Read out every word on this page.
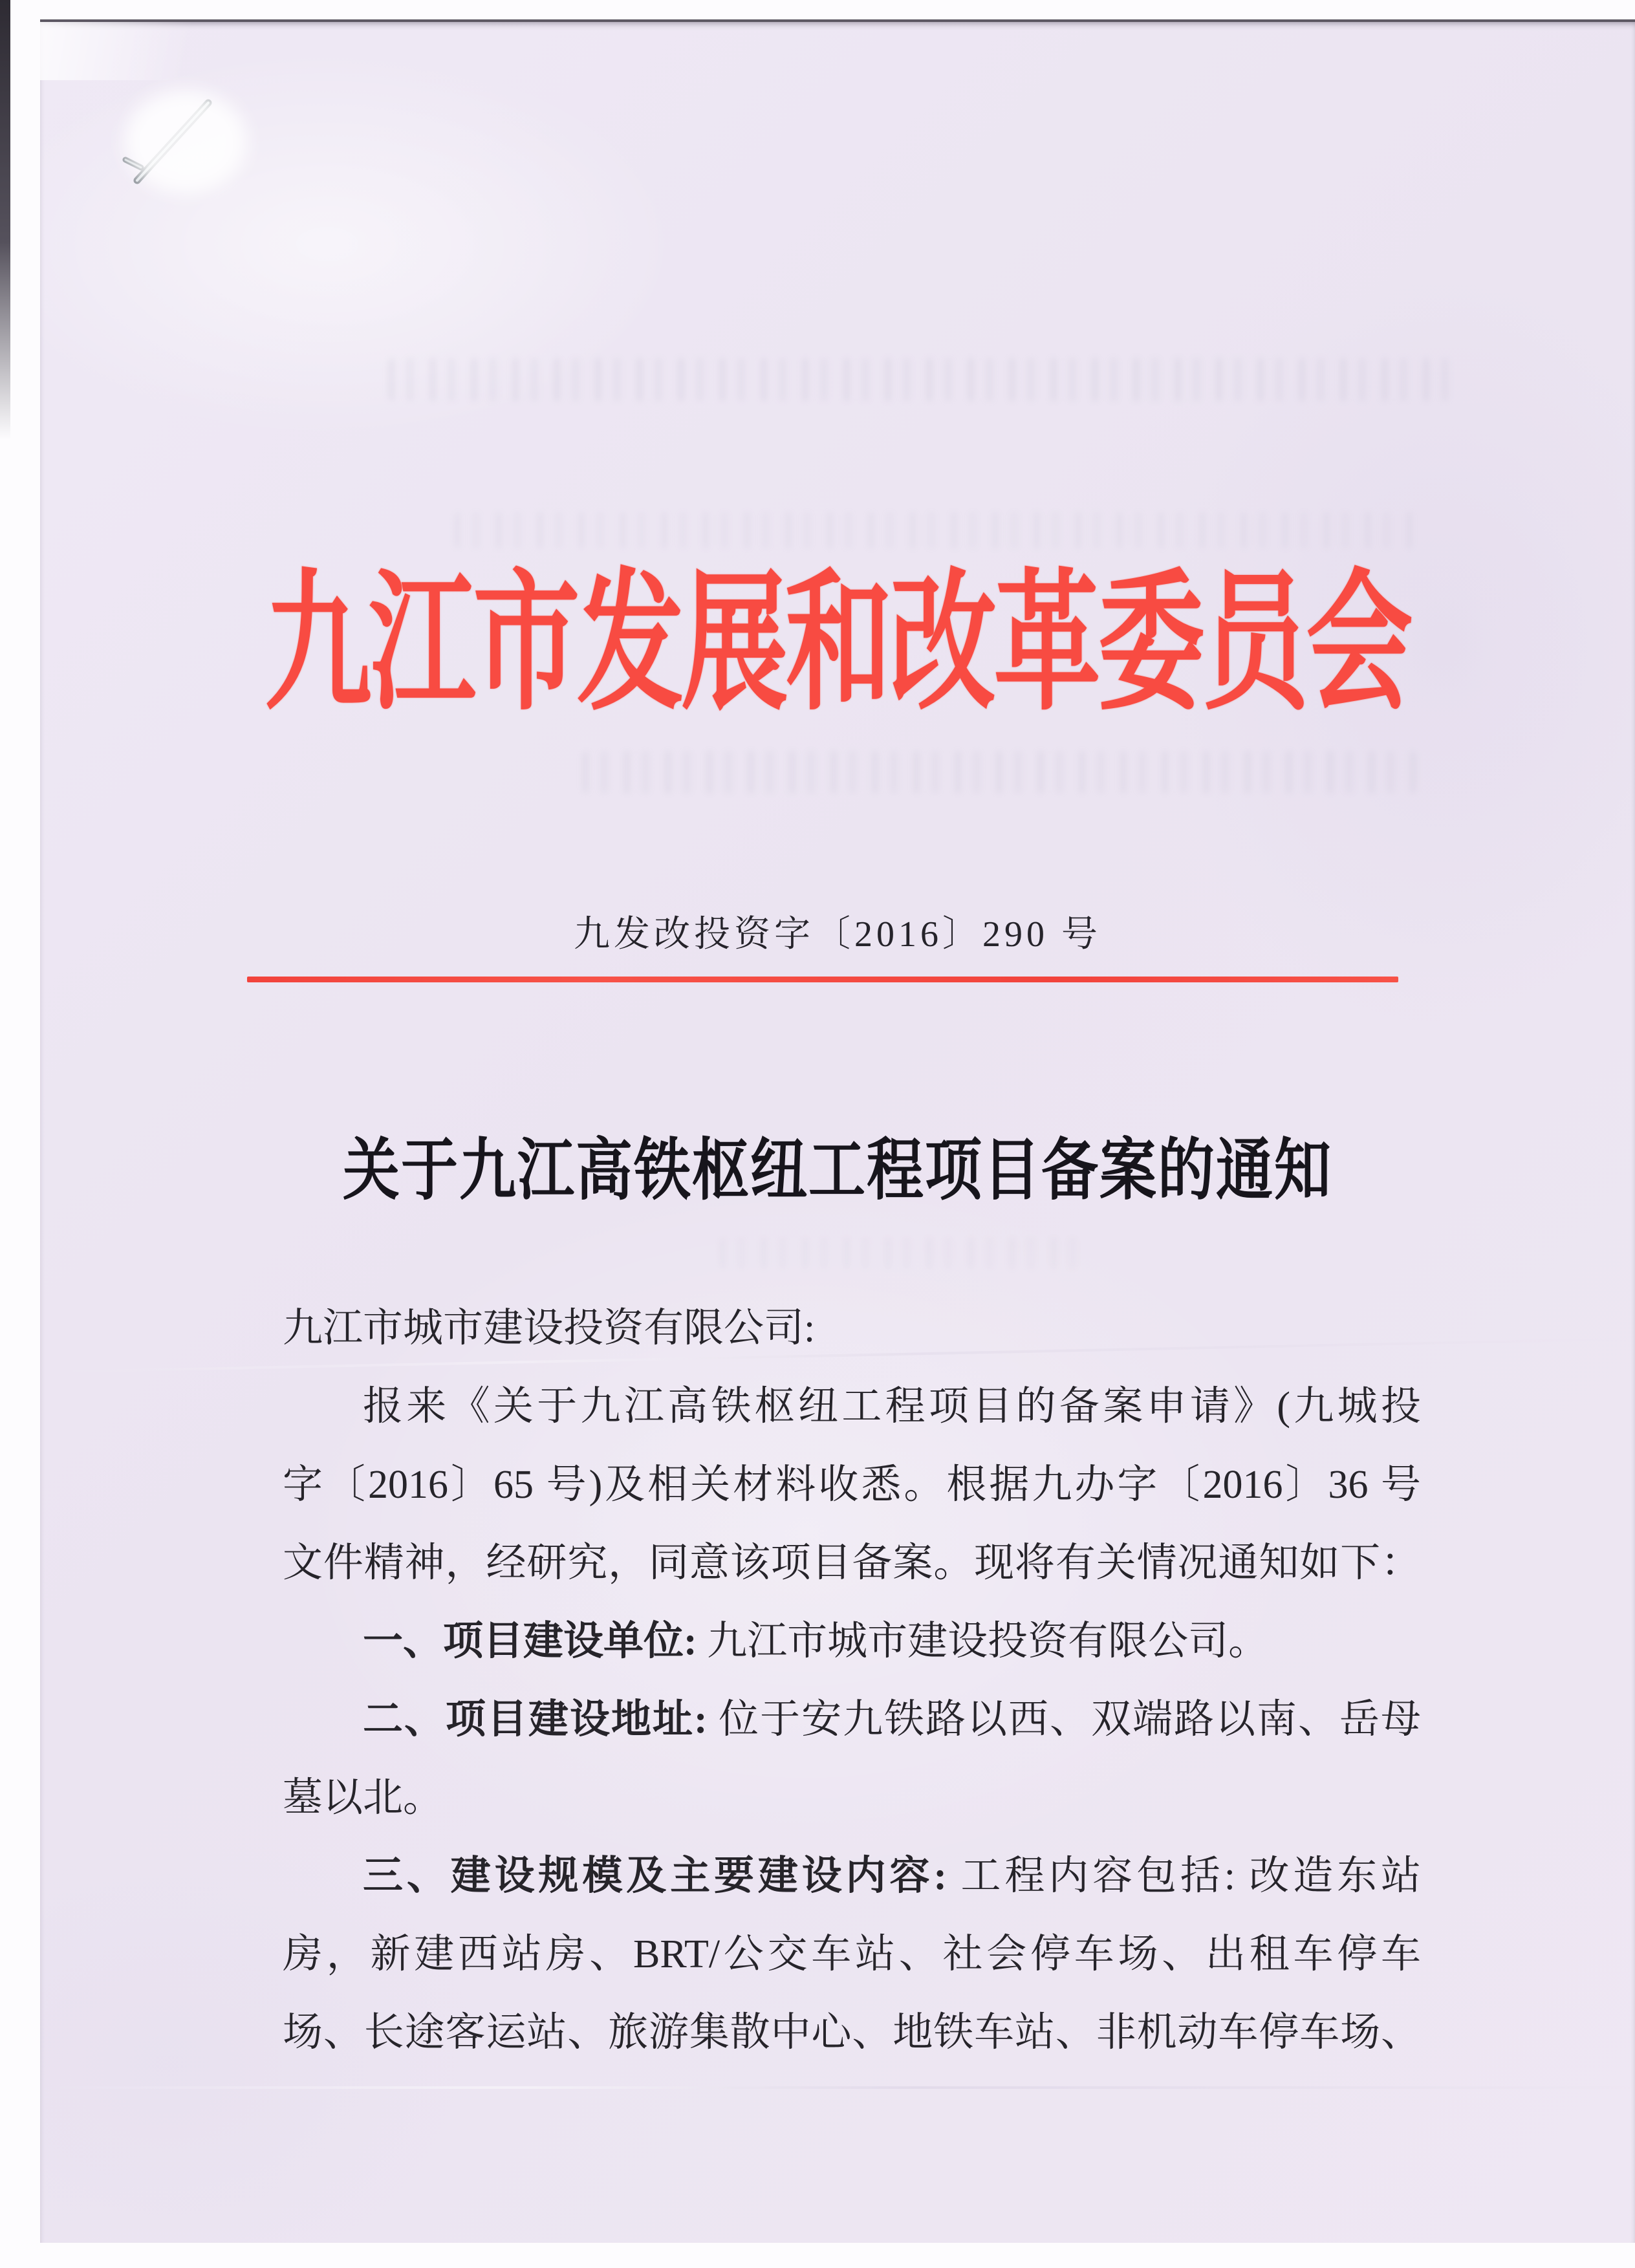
九江市发展和改革委员会
九发改投资字〔2016〕290 号
关于九江高铁枢纽工程项目备案的通知
九江市城市建设投资有限公司:
报来《关于九江高铁枢纽工程项目的备案申请》(九城投
字〔2016〕65 号)及相关材料收悉。根据九办字〔2016〕36 号
文件精神，经研究，同意该项目备案。现将有关情况通知如下：
一、项目建设单位: 九江市城市建设投资有限公司。
二、项目建设地址: 位于安九铁路以西、双端路以南、岳母
墓以北。
三、建设规模及主要建设内容: 工程内容包括: 改造东站
房，新建西站房、BRT/公交车站、社会停车场、出租车停车
场、长途客运站、旅游集散中心、地铁车站、非机动车停车场、
